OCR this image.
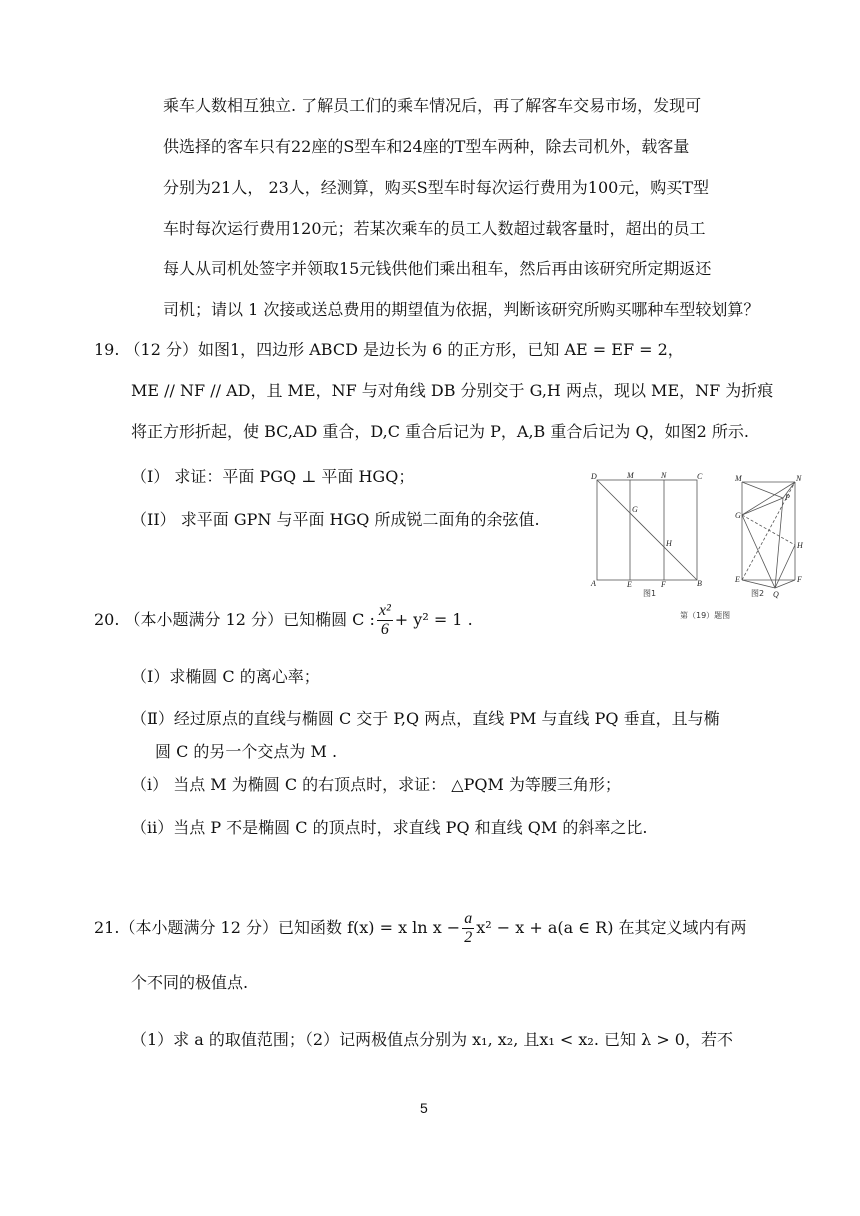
乘车人数相互独立. 了解员工们的乘车情况后，再了解客车交易市场，发现可
供选择的客车只有22座的S型车和24座的T型车两种，除去司机外，载客量
分别为21人， 23人，经测算，购买S型车时每次运行费用为100元，购买T型
车时每次运行费用120元；若某次乘车的员工人数超过载客量时，超出的员工
每人从司机处签字并领取15元钱供他们乘出租车，然后再由该研究所定期返还
司机；请以 1 次接或送总费用的期望值为依据，判断该研究所购买哪种车型较划算？
19. （12 分）如图1，四边形 ABCD 是边长为 6 的正方形，已知 AE = EF = 2，
ME // NF // AD，且 ME，NF 与对角线 DB 分别交于 G,H 两点，现以 ME，NF 为折痕
将正方形折起，使 BC,AD 重合，D,C 重合后记为 P，A,B 重合后记为 Q，如图2 所示.
（I） 求证：平面 PGQ ⊥ 平面 HGQ；
（II） 求平面 GPN 与平面 HGQ 所成锐二面角的余弦值.
D	M	N	C
G
H
A	E	F	B
图1
M	N
P
G
H
E	F
Q
图2
第（19）题图
20. （本小题满分 12 分）已知椭圆 C : $\frac{\text{x²}}{6} + y^2 = 1$ .
（Ⅰ）求椭圆 C 的离心率；
（Ⅱ）经过原点的直线与椭圆 C 交于 P,Q 两点，直线 PM 与直线 PQ 垂直，且与椭
圆 C 的另一个交点为 M .
（i） 当点 M 为椭圆 C 的右顶点时，求证： △PQM 为等腰三角形；
（ii）当点 P 不是椭圆 C 的顶点时，求直线 PQ 和直线 QM 的斜率之比.
21.（本小题满分 12 分）已知函数 f(x) = x $\ln x - \frac{a}{2} x^2 - x + a(a$ ∈ R) 在其定义域内有两
个不同的极值点.
（1）求 a 的取值范围；（2）记两极值点分别为 x₁, x₂, 且x₁ < x₂. 已知 λ > 0，若不
5
